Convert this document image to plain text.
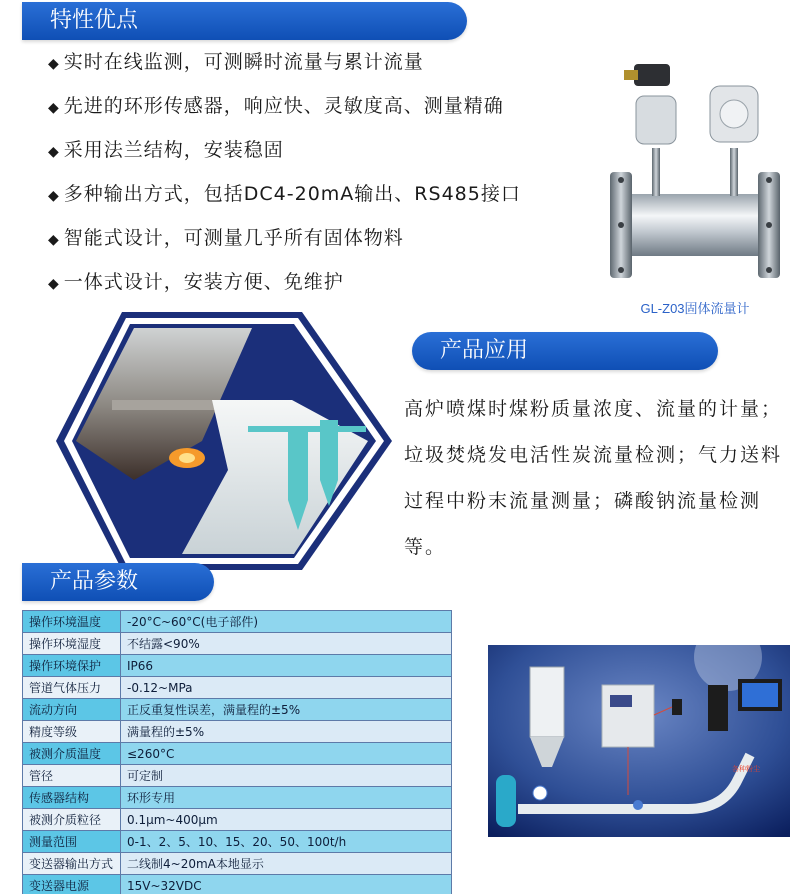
特性优点
◆ 实时在线监测，可测瞬时流量与累计流量
◆ 先进的环形传感器，响应快、灵敏度高、测量精确
◆ 采用法兰结构，安装稳固
◆ 多种输出方式，包括DC4-20mA输出、RS485接口
◆ 智能式设计，可测量几乎所有固体物料
◆ 一体式设计，安装方便、免维护
GL-Z03固体流量计
产品应用
高炉喷煤时煤粉质量浓度、流量的计量；垃圾焚烧发电活性炭流量检测；气力送料过程中粉末流量测量；磷酸钠流量检测等。
产品参数
操作环境温度	-20°C~60°C(电子部件)
操作环境湿度	不结露<90%
操作环境保护	IP66
管道气体压力	-0.12~MPa
流动方向	正反重复性误差，满量程的±5%
精度等级	满量程的±5%
被测介质温度	≤260°C
管径	可定制
传感器结构	环形专用
被测介质粒径	0.1μm~400μm
测量范围	0-1、2、5、10、15、20、50、100t/h
变送器输出方式	二线制4~20mA本地显示
变送器电源	15V~32VDC
各种粉尘
